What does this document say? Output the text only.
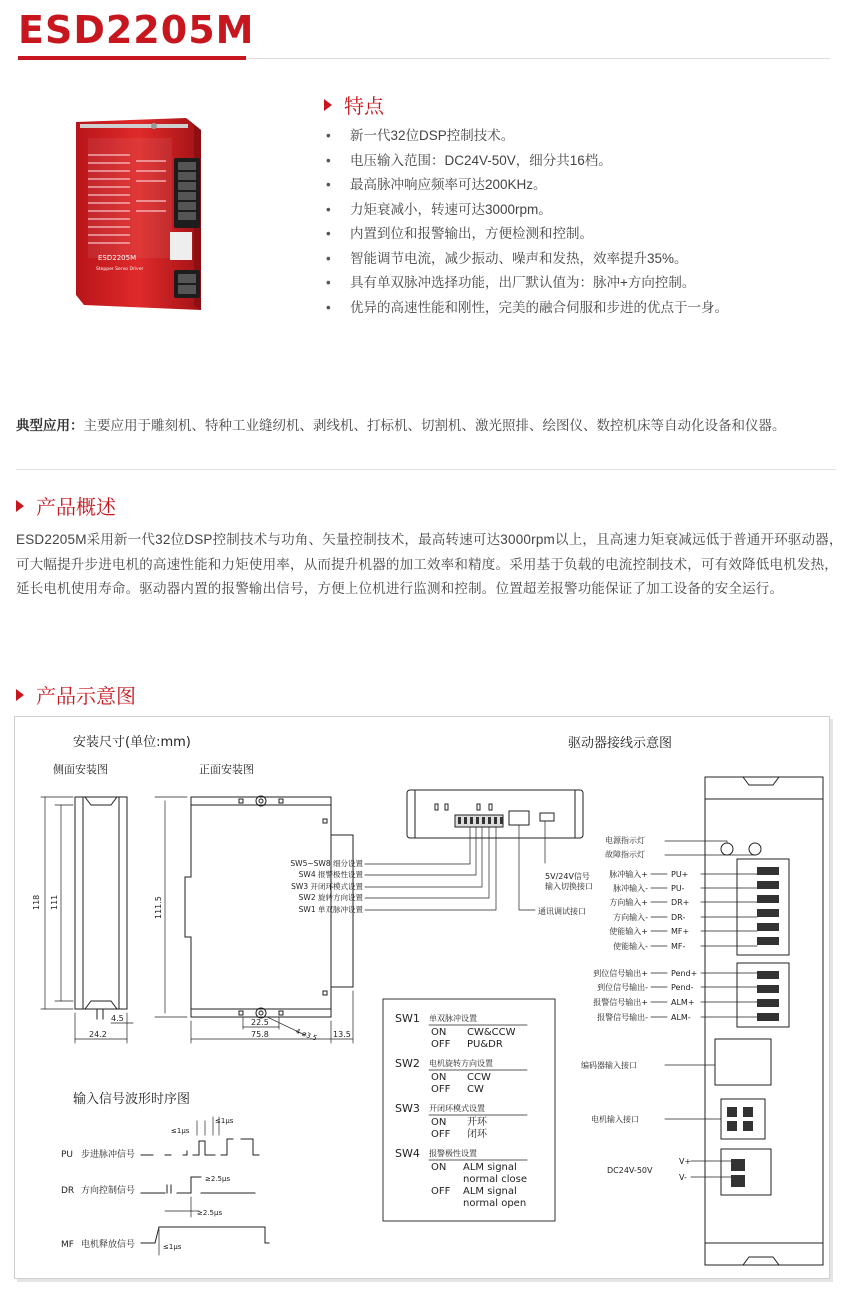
ESD2205M
ESD2205M
Stepper Servo Driver
特点
• 新一代32位DSP控制技术。
• 电压输入范围：DC24V-50V，细分共16档。
• 最高脉冲响应频率可达200KHz。
• 力矩衰减小，转速可达3000rpm。
• 内置到位和报警输出，方便检测和控制。
• 智能调节电流，减少振动、噪声和发热，效率提升35%。
• 具有单双脉冲选择功能，出厂默认值为：脉冲+方向控制。
• 优异的高速性能和刚性，完美的融合伺服和步进的优点于一身。
典型应用：主要应用于雕刻机、特种工业缝纫机、剥线机、打标机、切割机、激光照排、绘图仪、数控机床等自动化设备和仪器。
产品概述
ESD2205M采用新一代32位DSP控制技术与功角、矢量控制技术，最高转速可达3000rpm以上，且高速力矩衰减远低于普通开环驱动器，可大幅提升步进电机的高速性能和力矩使用率，从而提升机器的加工效率和精度。采用基于负载的电流控制技术，可有效降低电机发热，延长电机使用寿命。驱动器内置的报警输出信号，方便上位机进行监测和控制。位置超差报警功能保证了加工设备的安全运行。
产品示意图
安装尺寸(单位:mm)
侧面安装图	正面安装图
驱动器接线示意图
118 111
4.5
24.2
111.5
22.5
75.8	13.5
4-ø3.5
SW5~SW8 细分设置
SW4 报警极性设置
SW3 开闭环模式设置
SW2 旋转方向设置
SW1 单双脉冲设置
5V/24V信号
输入切换接口
通讯调试接口
SW1 单双脉冲设置
ON CW&CCW
OFF PU&DR
SW2 电机旋转方向设置
ON CCW
OFF CW
SW3 开闭环模式设置
ON 开环
OFF 闭环
SW4 报警极性设置
ON ALM signal
normal close
OFF ALM signal
normal open
输入信号波形时序图
PU 步进脉冲信号
DR 方向控制信号
MF 电机释放信号
≤1μs
≤1μs
≥2.5μs
≥2.5μs
≤1μs
电源指示灯
故障指示灯
脉冲输入+	PU+
脉冲输入-	PU-
方向输入+	DR+
方向输入-	DR-
使能输入+	MF+
使能输入-	MF-
到位信号输出+	Pend+
到位信号输出-	Pend-
报警信号输出+	ALM+
报警信号输出-	ALM-
编码器输入接口
电机输入接口
DC24V-50V
V+
V-
